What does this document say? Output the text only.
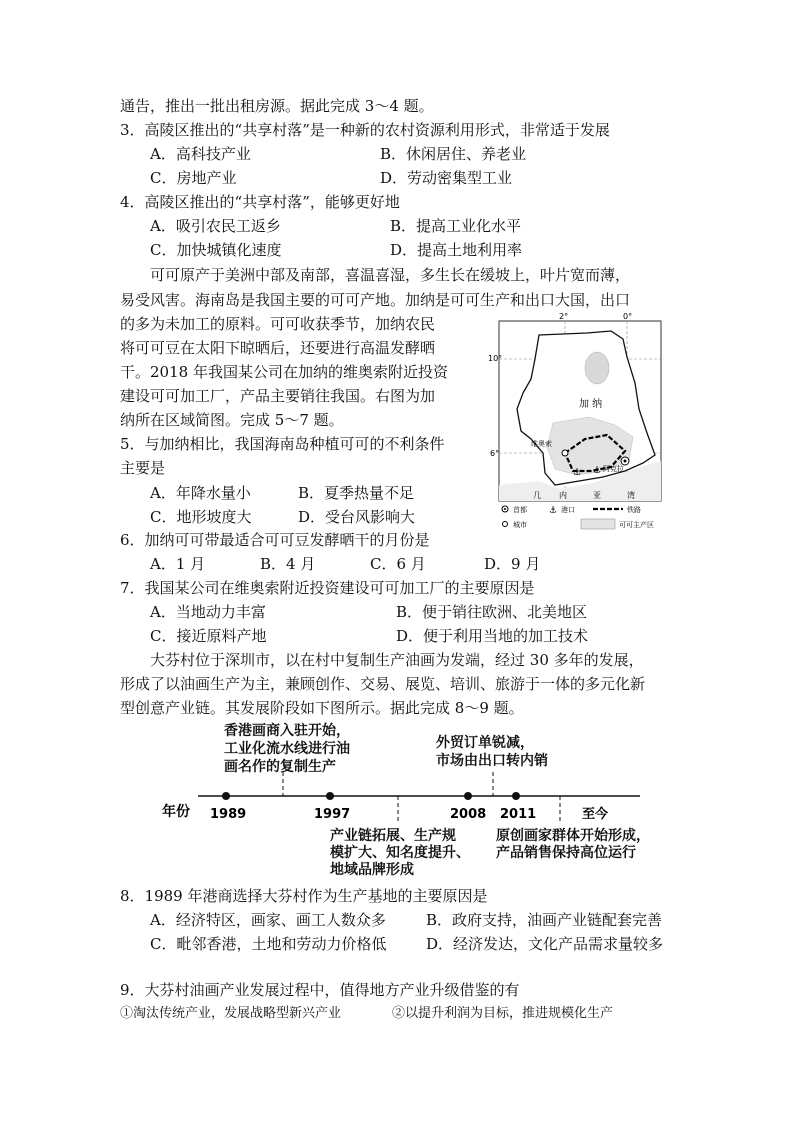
通告，推出一批出租房源。据此完成 3～4 题。
3．高陵区推出的“共享村落”是一种新的农村资源利用形式，非常适于发展
A．高科技产业	B．休闲居住、养老业
C．房地产业	D．劳动密集型工业
4．高陵区推出的“共享村落”，能够更好地
A．吸引农民工返乡	B．提高工业化水平
C．加快城镇化速度	D．提高土地利用率
可可原产于美洲中部及南部，喜温喜湿，多生长在缓坡上，叶片宽而薄，
易受风害。海南岛是我国主要的可可产地。加纳是可可生产和出口大国，出口
的多为未加工的原料。可可收获季节，加纳农民
将可可豆在太阳下晾晒后，还要进行高温发酵晒
干。2018 年我国某公司在加纳的维奥索附近投资
建设可可加工厂，产品主要销往我国。右图为加
纳所在区域简图。完成 5～7 题。
5．与加纳相比，我国海南岛种植可可的不利条件
主要是
A．年降水量小	B．夏季热量不足
C．地形坡度大	D．受台风影响大
2°	0°
10°
6°
加 纳
维奥索
阿克拉
⚓
⚓
几 内	亚	湾
首都 ⚓ 港口	铁路
城市	可可主产区
6．加纳可可带最适合可可豆发酵晒干的月份是
A．1 月	B．4 月	C．6 月	D．9 月
7．我国某公司在维奥索附近投资建设可可加工厂的主要原因是
A．当地动力丰富	B．便于销往欧洲、北美地区
C．接近原料产地	D．便于利用当地的加工技术
大芬村位于深圳市，以在村中复制生产油画为发端，经过 30 多年的发展，
形成了以油画生产为主，兼顾创作、交易、展览、培训、旅游于一体的多元化新
型创意产业链。其发展阶段如下图所示。据此完成 8～9 题。
香港画商入驻开始，
工业化流水线进行油
画名作的复制生产
外贸订单锐减，
市场由出口转内销
年份 1989	1997	2008 2011	至今
产业链拓展、生产规
模扩大、知名度提升、
地域品牌形成
原创画家群体开始形成，
产品销售保持高位运行
8．1989 年港商选择大芬村作为生产基地的主要原因是
A．经济特区，画家、画工人数众多	B．政府支持，油画产业链配套完善
C．毗邻香港，土地和劳动力价格低	D．经济发达，文化产品需求量较多
9．大芬村油画产业发展过程中，值得地方产业升级借鉴的有
①淘汰传统产业，发展战略型新兴产业	②以提升利润为目标，推进规模化生产
